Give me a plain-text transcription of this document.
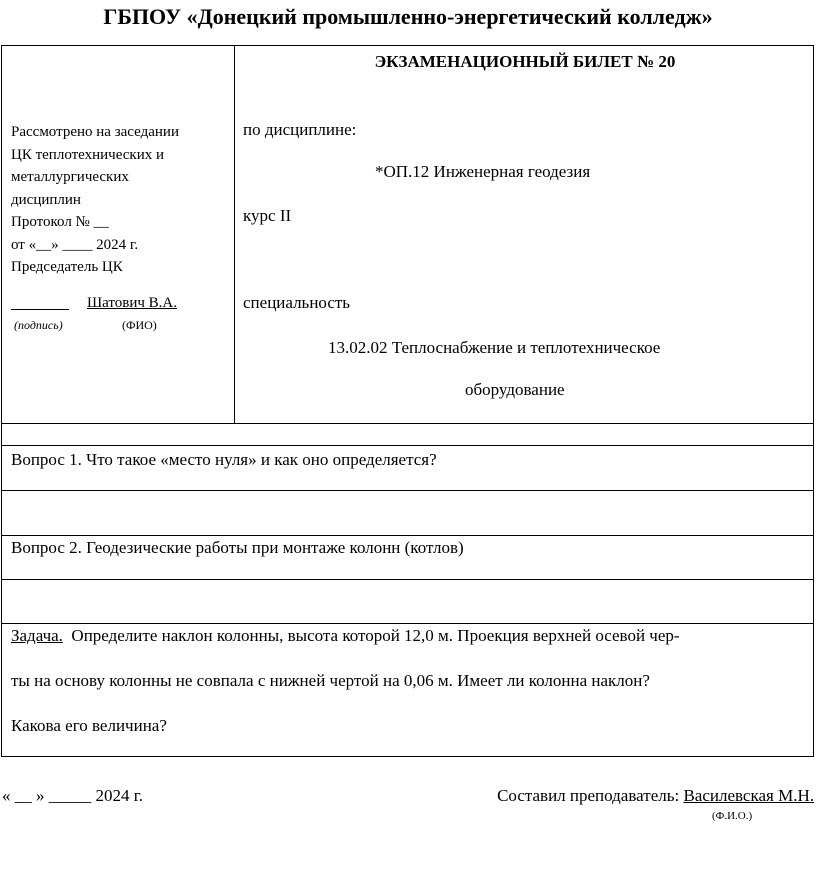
ГБПОУ «Донецкий промышленно-энергетический колледж»
Рассмотрено на заседании
ЦК теплотехнических и
металлургических
дисциплин
Протокол № __
от «__» ____ 2024 г.
Председатель ЦК
Шатович В.А.
(подпись)	(ФИО)
ЭКЗАМЕНАЦИОННЫЙ БИЛЕТ № 20
по дисциплине:
*ОП.12 Инженерная геодезия
курс II
специальность
13.02.02 Теплоснабжение и теплотехническое
оборудование
Вопрос 1. Что такое «место нуля» и как оно определяется?
Вопрос 2. Геодезические работы при монтаже колонн (котлов)
Задача. Определите наклон колонны, высота которой 12,0 м. Проекция верхней осевой чер-
ты на основу колонны не совпала с нижней чертой на 0,06 м. Имеет ли колонна наклон?
Какова его величина?
« __ » _____ 2024 г.	Составил преподаватель: Василевская М.Н.
(Ф.И.О.)
